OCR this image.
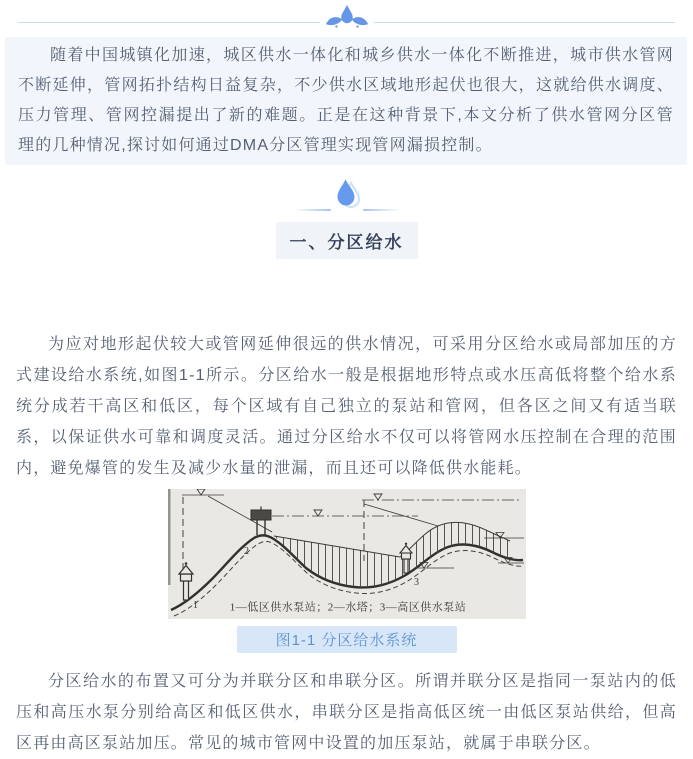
随着中国城镇化加速，城区供水一体化和城乡供水一体化不断推进，城市供水管网不断延伸，管网拓扑结构日益复杂，不少供水区域地形起伏也很大，这就给供水调度、压力管理、管网控漏提出了新的难题。正是在这种背景下,本文分析了供水管网分区管理的几种情况,探讨如何通过DMA分区管理实现管网漏损控制。

一、分区给水

为应对地形起伏较大或管网延伸很远的供水情况，可采用分区给水或局部加压的方式建设给水系统,如图1-1所示。分区给水一般是根据地形特点或水压高低将整个给水系统分成若干高区和低区，每个区域有自己独立的泵站和管网，但各区之间又有适当联系，以保证供水可靠和调度灵活。通过分区给水不仅可以将管网水压控制在合理的范围内，避免爆管的发生及减少水量的泄漏，而且还可以降低供水能耗。

2
1
3
1—低区供水泵站；2—水塔；3—高区供水泵站
图1-1 分区给水系统

分区给水的布置又可分为并联分区和串联分区。所谓并联分区是指同一泵站内的低压和高压水泵分别给高区和低区供水，串联分区是指高低区统一由低区泵站供给，但高区再由高区泵站加压。常见的城市管网中设置的加压泵站，就属于串联分区。
